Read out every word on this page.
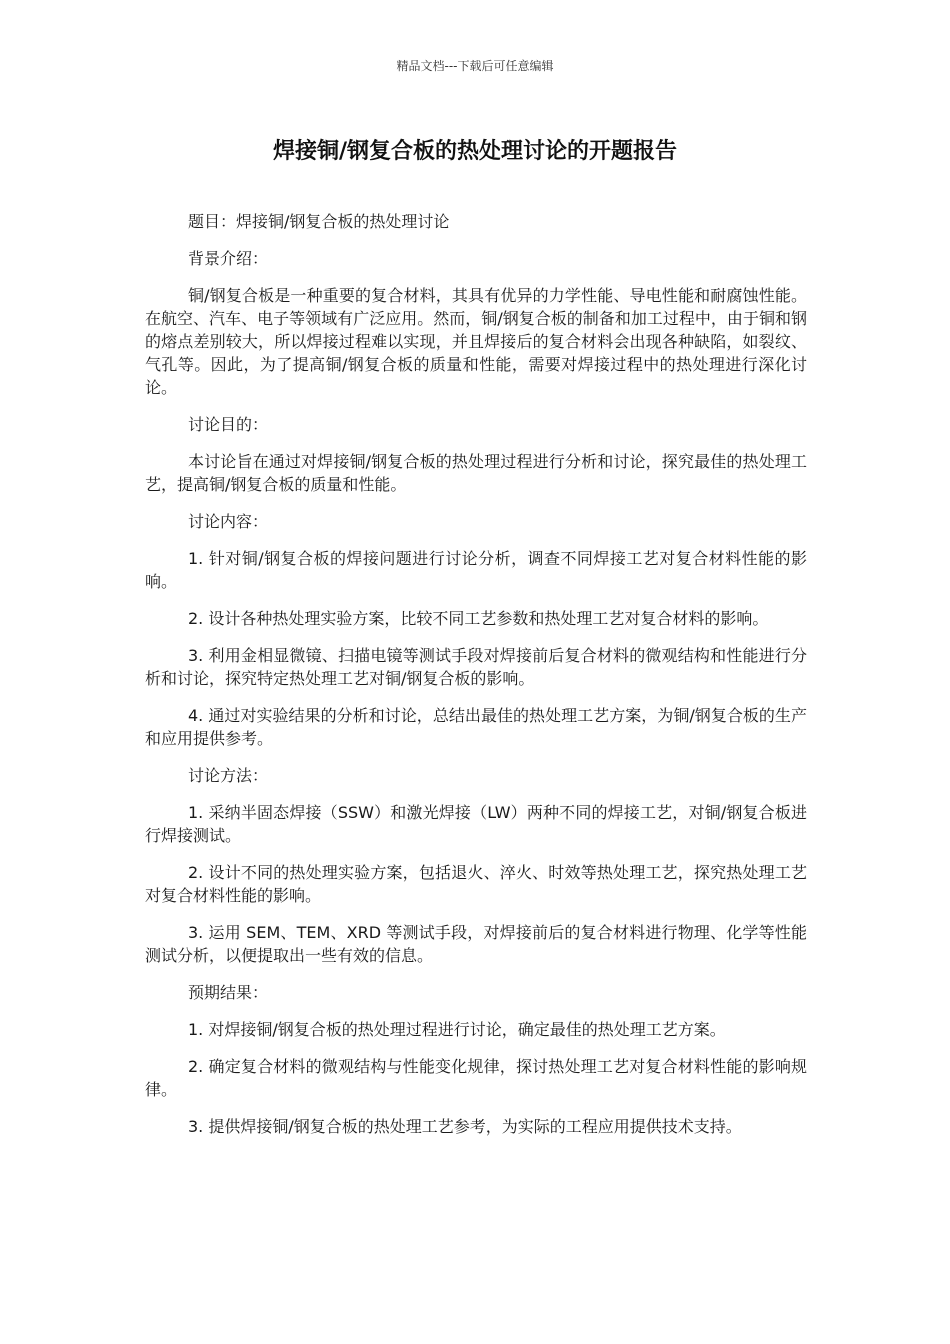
精品文档---下载后可任意编辑
焊接铜/钢复合板的热处理讨论的开题报告

题目：焊接铜/钢复合板的热处理讨论

背景介绍：

铜/钢复合板是一种重要的复合材料，其具有优异的力学性能、导电性能和耐腐蚀性能。在航空、汽车、电子等领域有广泛应用。然而，铜/钢复合板的制备和加工过程中，由于铜和钢的熔点差别较大，所以焊接过程难以实现，并且焊接后的复合材料会出现各种缺陷，如裂纹、气孔等。因此，为了提高铜/钢复合板的质量和性能，需要对焊接过程中的热处理进行深化讨论。

讨论目的：

本讨论旨在通过对焊接铜/钢复合板的热处理过程进行分析和讨论，探究最佳的热处理工艺，提高铜/钢复合板的质量和性能。

讨论内容：

1. 针对铜/钢复合板的焊接问题进行讨论分析，调查不同焊接工艺对复合材料性能的影响。

2. 设计各种热处理实验方案，比较不同工艺参数和热处理工艺对复合材料的影响。

3. 利用金相显微镜、扫描电镜等测试手段对焊接前后复合材料的微观结构和性能进行分析和讨论，探究特定热处理工艺对铜/钢复合板的影响。

4. 通过对实验结果的分析和讨论，总结出最佳的热处理工艺方案，为铜/钢复合板的生产和应用提供参考。

讨论方法：

1. 采纳半固态焊接（SSW）和激光焊接（LW）两种不同的焊接工艺，对铜/钢复合板进行焊接测试。

2. 设计不同的热处理实验方案，包括退火、淬火、时效等热处理工艺，探究热处理工艺对复合材料性能的影响。

3. 运用 SEM、TEM、XRD 等测试手段，对焊接前后的复合材料进行物理、化学等性能测试分析，以便提取出一些有效的信息。

预期结果：

1. 对焊接铜/钢复合板的热处理过程进行讨论，确定最佳的热处理工艺方案。

2. 确定复合材料的微观结构与性能变化规律，探讨热处理工艺对复合材料性能的影响规律。

3. 提供焊接铜/钢复合板的热处理工艺参考，为实际的工程应用提供技术支持。
